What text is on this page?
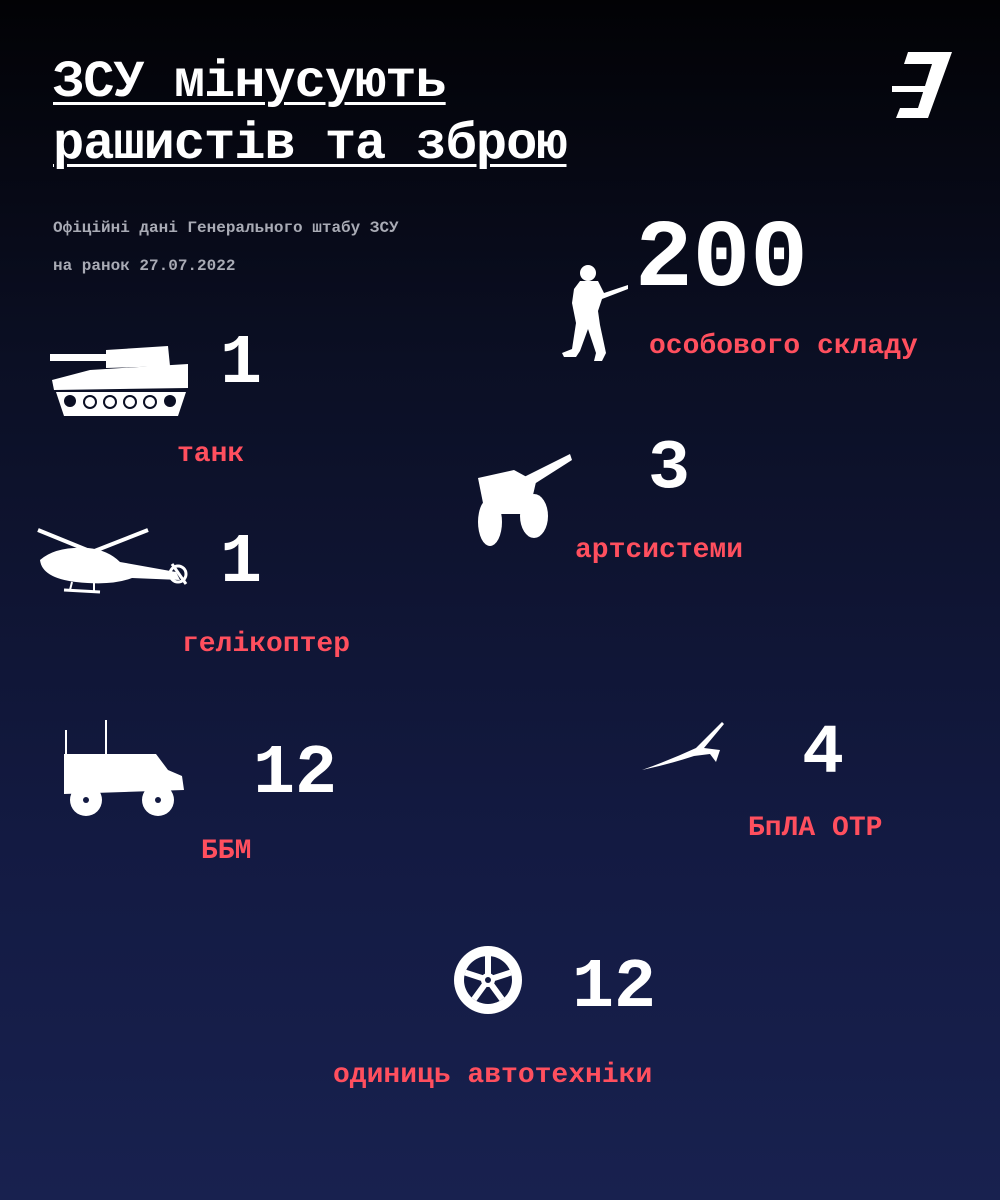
ЗСУ мінусують
рашистів та зброю
Офіційні дані Генерального штабу ЗСУ
на ранок 27.07.2022	200
особового складу
1
танк	3
артсистеми
1
гелікоптер
12
ББМ
4
БпЛА ОТР
12
одиниць автотехніки
